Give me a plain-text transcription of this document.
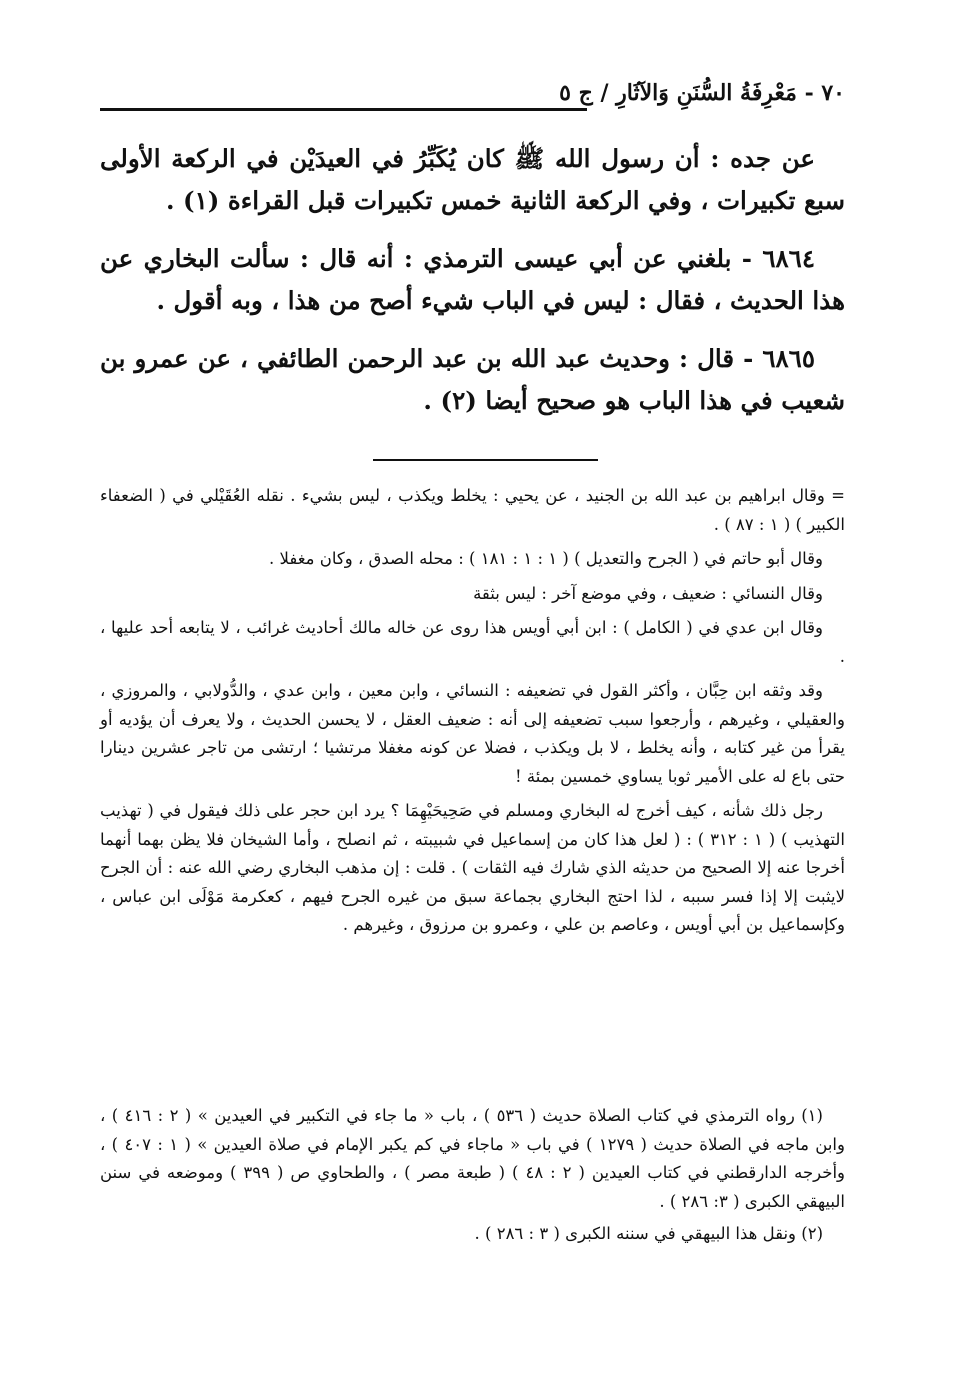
٧٠ - مَعْرِفَةُ السُّنَنِ وَالآثَارِ / ج ٥

عن جده : أن رسول الله ﷺ كان يُكَبِّرُ في العيدَيْن في الركعة الأولى سبع تكبيرات ، وفي الركعة الثانية خمس تكبيرات قبل القراءة (١) .

٦٨٦٤ - بلغني عن أبي عيسى الترمذي : أنه قال : سألت البخاري عن هذا الحديث ، فقال : ليس في الباب شيء أصح من هذا ، وبه أقول .

٦٨٦٥ - قال : وحديث عبد الله بن عبد الرحمن الطائفي ، عن عمرو بن شعيب في هذا الباب هو صحيح أيضا (٢) .

= وقال ابراهيم بن عبد الله بن الجنيد ، عن يحيي : يخلط ويكذب ، ليس بشيء . نقله العُقَيْلي في ( الضعفاء الكبير ) ( ١ : ٨٧ ) .

وقال أبو حاتم في ( الجرح والتعديل ) ( ١ : ١ : ١٨١ ) : محله الصدق ، وكان مغفلا .

وقال النسائي : ضعيف ، وفي موضع آخر : ليس بثقة

وقال ابن عدي في ( الكامل ) : ابن أبي أويس هذا روى عن خاله مالك أحاديث غرائب ، لا يتابعه أحد عليها ، .

وقد وثقه ابن حِبَّان ، وأكثر القول في تضعيفه : النسائي ، وابن معين ، وابن عدي ، والدُّولابي ، والمروزي ، والعقيلي ، وغيرهم ، وأرجعوا سبب تضعيفه إلى أنه : ضعيف العقل ، لا يحسن الحديث ، ولا يعرف أن يؤديه أو يقرأ من غير كتابه ، وأنه يخلط ، لا بل ويكذب ، فضلا عن كونه مغفلا مرتشيا ؛ ارتشى من تاجر عشرين دينارا حتى باع له على الأمير ثوبا يساوي خمسين بمئة !

رجل ذلك شأنه ، كيف أخرج له البخاري ومسلم في صَحِيحَيْهِمَا ؟ يرد ابن حجر على ذلك فيقول في ( تهذيب التهذيب ) ( ١ : ٣١٢ ) : ( لعل هذا كان من إسماعيل في شبيبته ، ثم انصلح ، وأما الشيخان فلا يظن بهما أنهما أخرجا عنه إلا الصحيح من حديثه الذي شارك فيه الثقات ) . قلت : إن مذهب البخاري رضي الله عنه : أن الجرح لايثبت إلا إذا فسر سببه ، لذا احتج البخاري بجماعة سبق من غيره الجرح فيهم ، كعكرمة مَوْلَى ابن عباس ، وكإسماعيل بن أبي أويس ، وعاصم بن علي ، وعمرو بن مرزوق ، وغيرهم .

(١) رواه الترمذي في كتاب الصلاة حديث ( ٥٣٦ ) ، باب « ما جاء في التكبير في العيدين » ( ٢ : ٤١٦ ) ، وابن ماجه في الصلاة حديث ( ١٢٧٩ ) في باب « ماجاء في كم يكبر الإمام في صلاة العيدين » ( ١ : ٤٠٧ ) ، وأخرجه الدارقطني في كتاب العيدين ( ٢ : ٤٨ ) ( طبعة مصر ) ، والطحاوي ص ( ٣٩٩ ) وموضعه في سنن البيهقي الكبرى ( ٣: ٢٨٦ ) .

(٢) ونقل هذا البيهقي في سننه الكبرى ( ٣ : ٢٨٦ ) .
